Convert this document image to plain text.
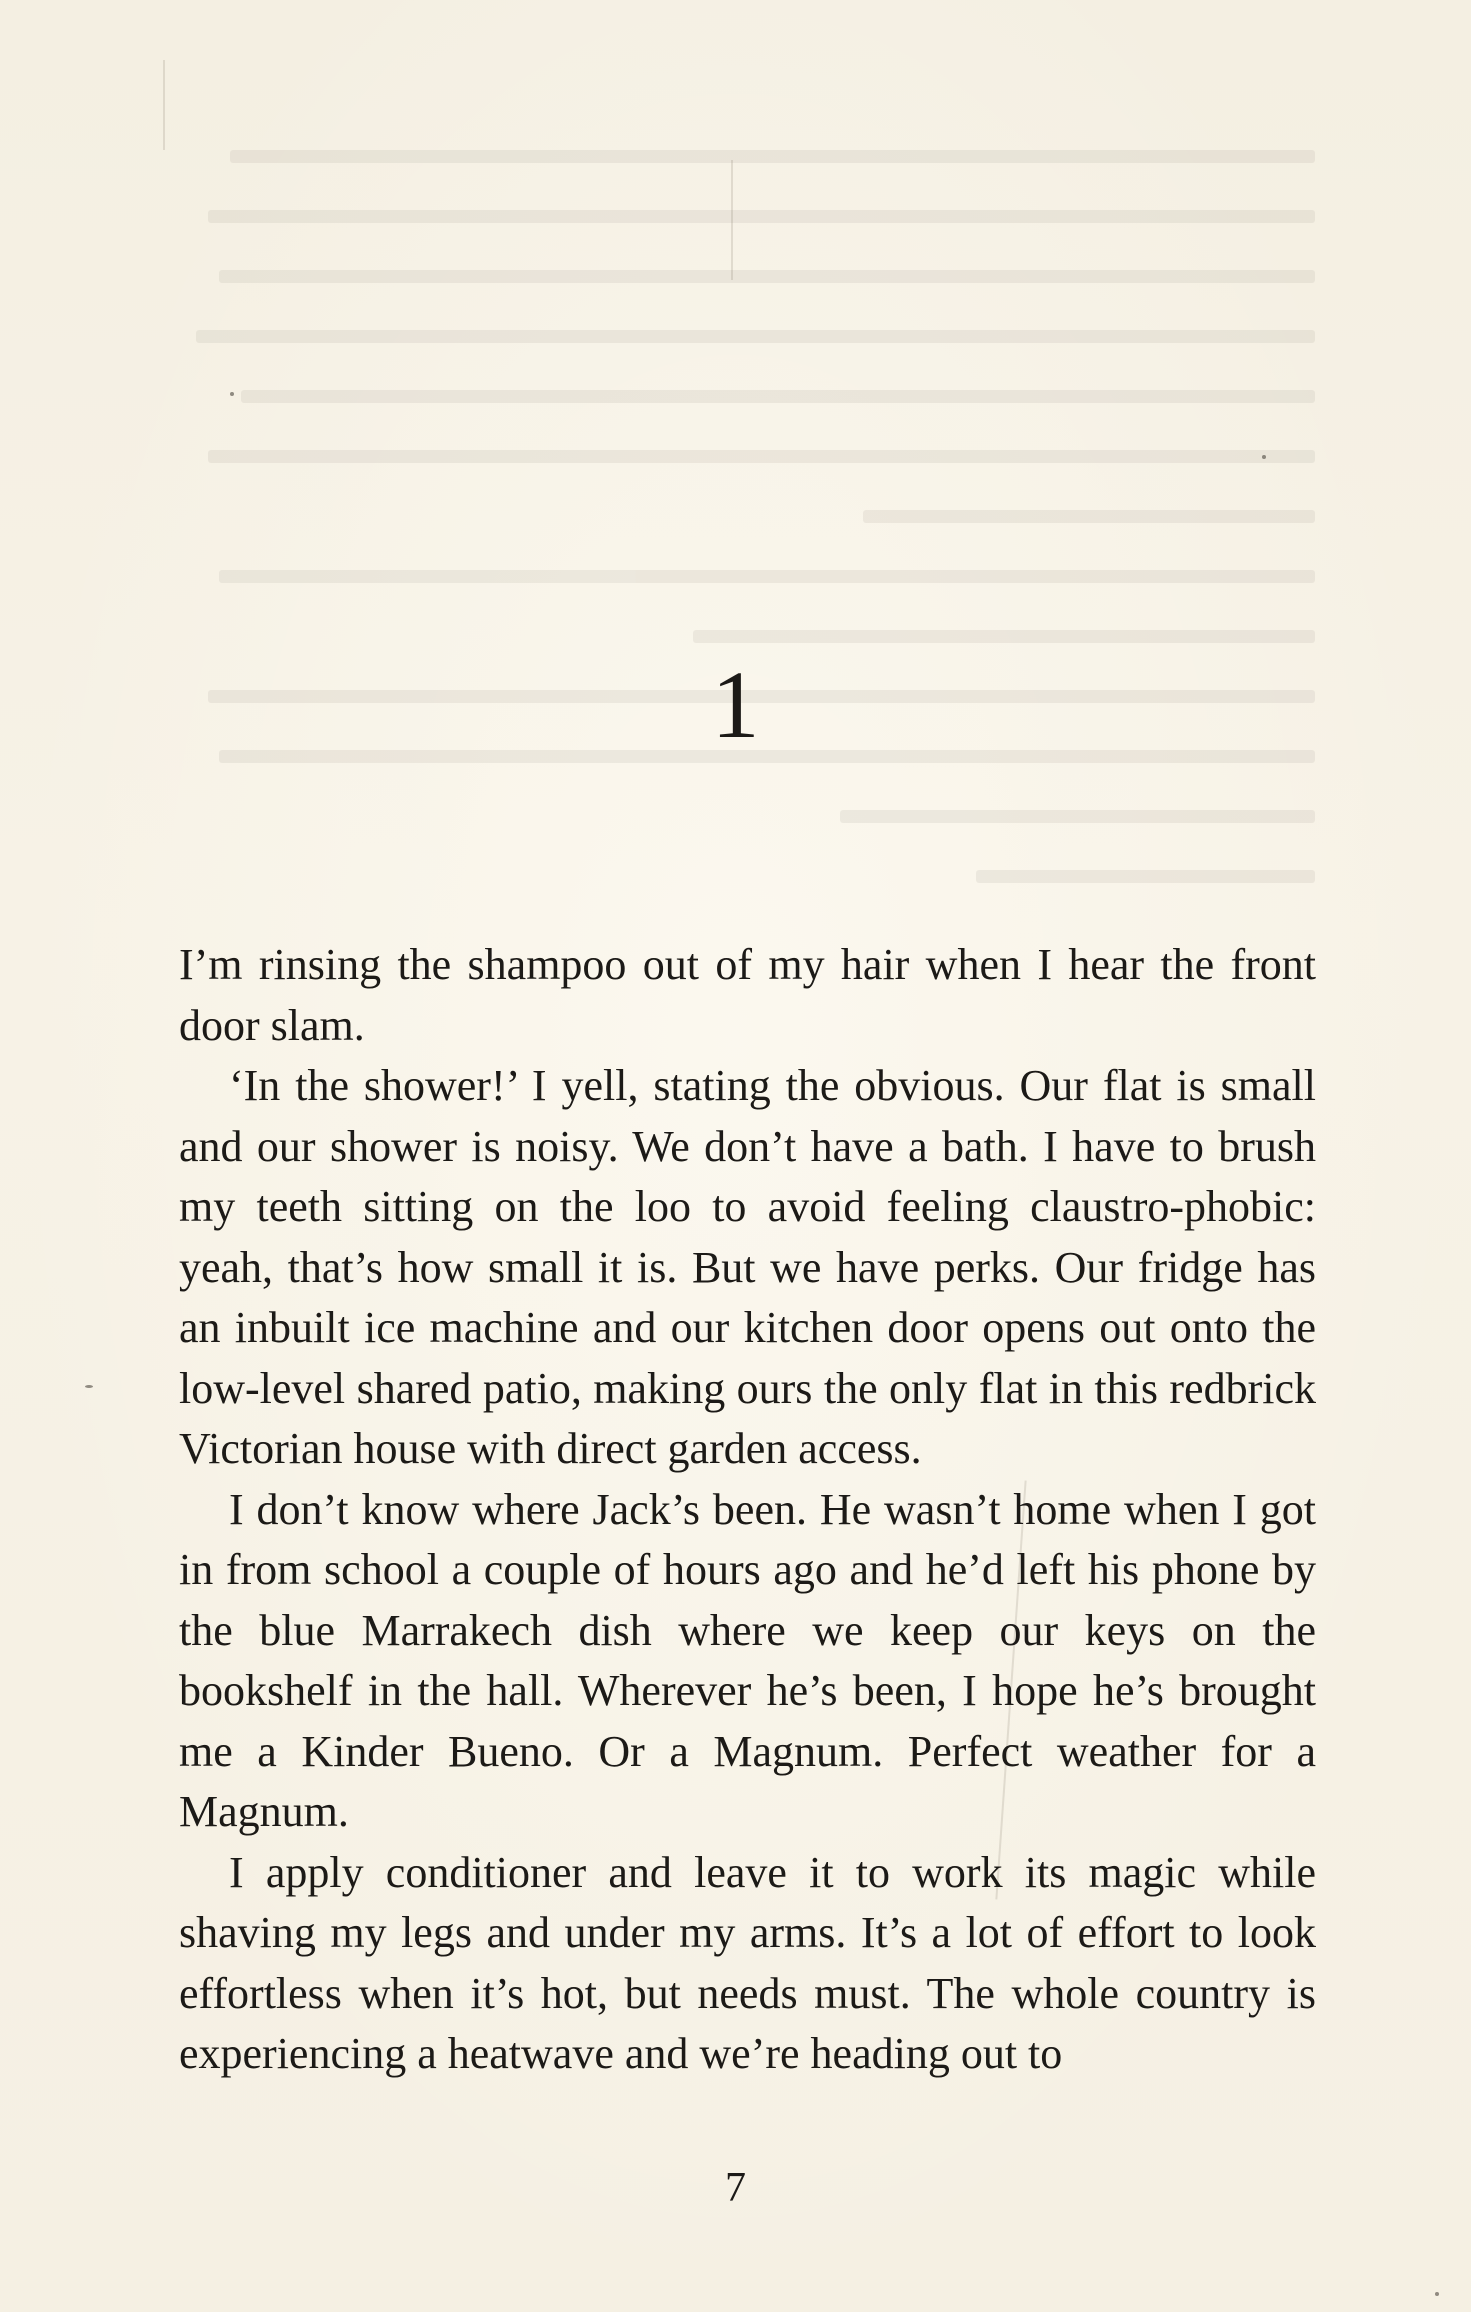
1

I’m rinsing the shampoo out of my hair when I hear the front door slam.

‘In the shower!’ I yell, stating the obvious. Our flat is small and our shower is noisy. We don’t have a bath. I have to brush my teeth sitting on the loo to avoid feeling claustro-phobic: yeah, that’s how small it is. But we have perks. Our fridge has an inbuilt ice machine and our kitchen door opens out onto the low-level shared patio, making ours the only flat in this redbrick Victorian house with direct garden access.

I don’t know where Jack’s been. He wasn’t home when I got in from school a couple of hours ago and he’d left his phone by the blue Marrakech dish where we keep our keys on the bookshelf in the hall. Wherever he’s been, I hope he’s brought me a Kinder Bueno. Or a Magnum. Perfect weather for a Magnum.

I apply conditioner and leave it to work its magic while shaving my legs and under my arms. It’s a lot of effort to look effortless when it’s hot, but needs must. The whole country is experiencing a heatwave and we’re heading out to

7
